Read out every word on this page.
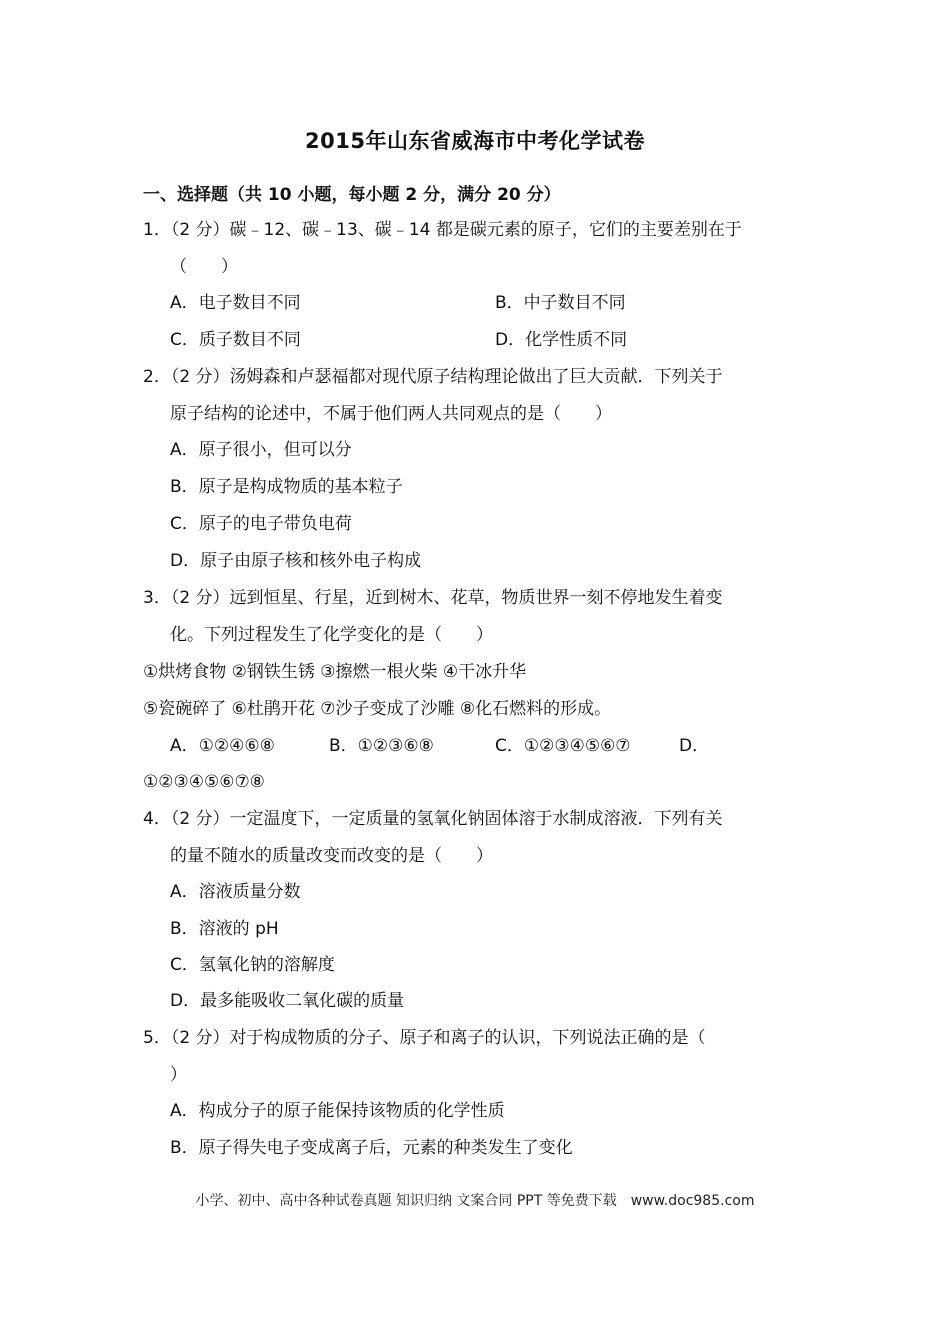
2015年山东省威海市中考化学试卷
一、选择题（共 10 小题，每小题 2 分，满分 20 分）
1．（2 分）碳﹣12、碳﹣13、碳﹣14 都是碳元素的原子，它们的主要差别在于
（　　）
A．电子数目不同	B．中子数目不同
C．质子数目不同	D．化学性质不同
2．（2 分）汤姆森和卢瑟福都对现代原子结构理论做出了巨大贡献．下列关于
原子结构的论述中，不属于他们两人共同观点的是（　　）
A．原子很小，但可以分
B．原子是构成物质的基本粒子
C．原子的电子带负电荷
D．原子由原子核和核外电子构成
3．（2 分）远到恒星、行星，近到树木、花草，物质世界一刻不停地发生着变
化。下列过程发生了化学变化的是（　　）
①烘烤食物 ②钢铁生锈 ③擦燃一根火柴 ④干冰升华
⑤瓷碗碎了 ⑥杜鹃开花 ⑦沙子变成了沙雕 ⑧化石燃料的形成。
A．①②④⑥⑧	B．①②③⑥⑧	C．①②③④⑤⑥⑦	D．
①②③④⑤⑥⑦⑧
4．（2 分）一定温度下，一定质量的氢氧化钠固体溶于水制成溶液．下列有关
的量不随水的质量改变而改变的是（　　）
A．溶液质量分数
B．溶液的 pH
C．氢氧化钠的溶解度
D．最多能吸收二氧化碳的质量
5．（2 分）对于构成物质的分子、原子和离子的认识，下列说法正确的是（
）
A．构成分子的原子能保持该物质的化学性质
B．原子得失电子变成离子后，元素的种类发生了变化
小学、初中、高中各种试卷真题 知识归纳 文案合同 PPT 等免费下载　www.doc985.com
